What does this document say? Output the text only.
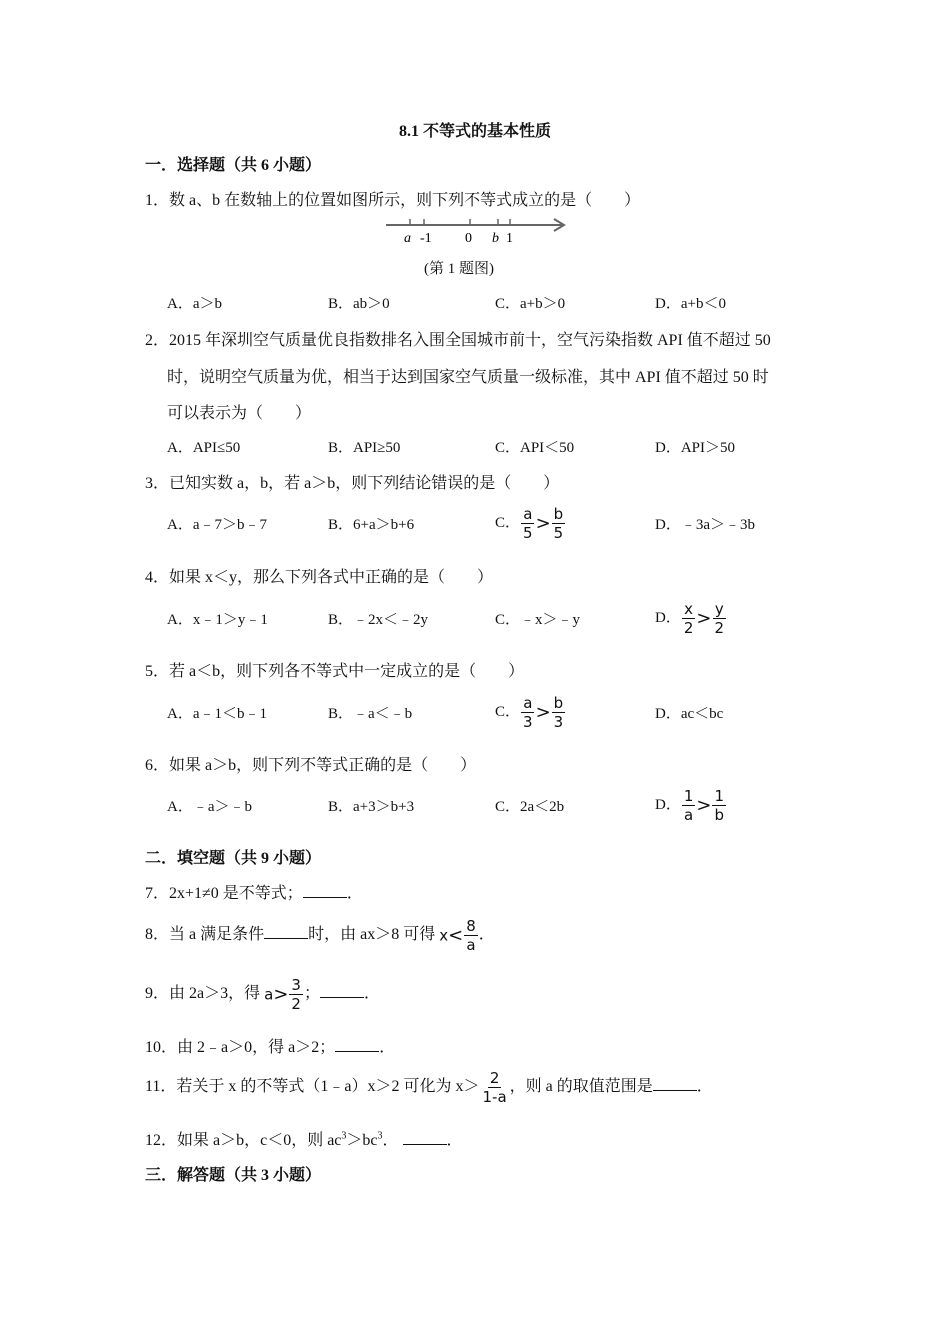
8.1 不等式的基本性质
一．选择题（共 6 小题）
1．数 a、b 在数轴上的位置如图所示，则下列不等式成立的是（　　）
a -1 0 b 1
(第 1 题图)
A．a＞b	B．ab＞0	C．a+b＞0	D．a+b＜0
2．2015 年深圳空气质量优良指数排名入围全国城市前十，空气污染指数 API 值不超过 50
时，说明空气质量为优，相当于达到国家空气质量一级标准，其中 API 值不超过 50 时
可以表示为（　　）
A．API≤50	B．API≥50	C．API＜50	D．API＞50
3．已知实数 a，b，若 a＞b，则下列结论错误的是（　　）
A．a﹣7＞b﹣7	B．6+a＞b+6	C． $\frac{a}{5} > \frac{b}{5}$	D．﹣3a＞﹣3b
4．如果 x＜y，那么下列各式中正确的是（　　）
A．x﹣1＞y﹣1	B．﹣2x＜﹣2y	C．﹣x＞﹣y	D． $\frac{x}{2} > \frac{y}{2}$
5．若 a＜b，则下列各不等式中一定成立的是（　　）
A．a﹣1＜b﹣1	B．﹣a＜﹣b	C． $\frac{a}{3} > \frac{b}{3}$	D．ac＜bc
6．如果 a＞b，则下列不等式正确的是（　　）
A．﹣a＞﹣b	B．a+3＞b+3	C．2a＜2b	D． $\frac{1}{a} > \frac{1}{b}$
二．填空题（共 9 小题）
7．2x+1≠0 是不等式；	．
8．当 a 满足条件	时，由 ax＞8 可得 $x< \frac{8}{a}$ ．
9．由 2a＞3，得 $a> \frac{3}{2}$ ；	．
10．由 2﹣a＞0，得 a＞2；	．
11．若关于 x 的不等式（1﹣a）x＞2 可化为 $x> \frac{2}{1-a}$ ，则 a 的取值范围是	．
12．如果 a＞b，c＜0，则 $ac^3>bc^3$．	．
三．解答题（共 3 小题）
